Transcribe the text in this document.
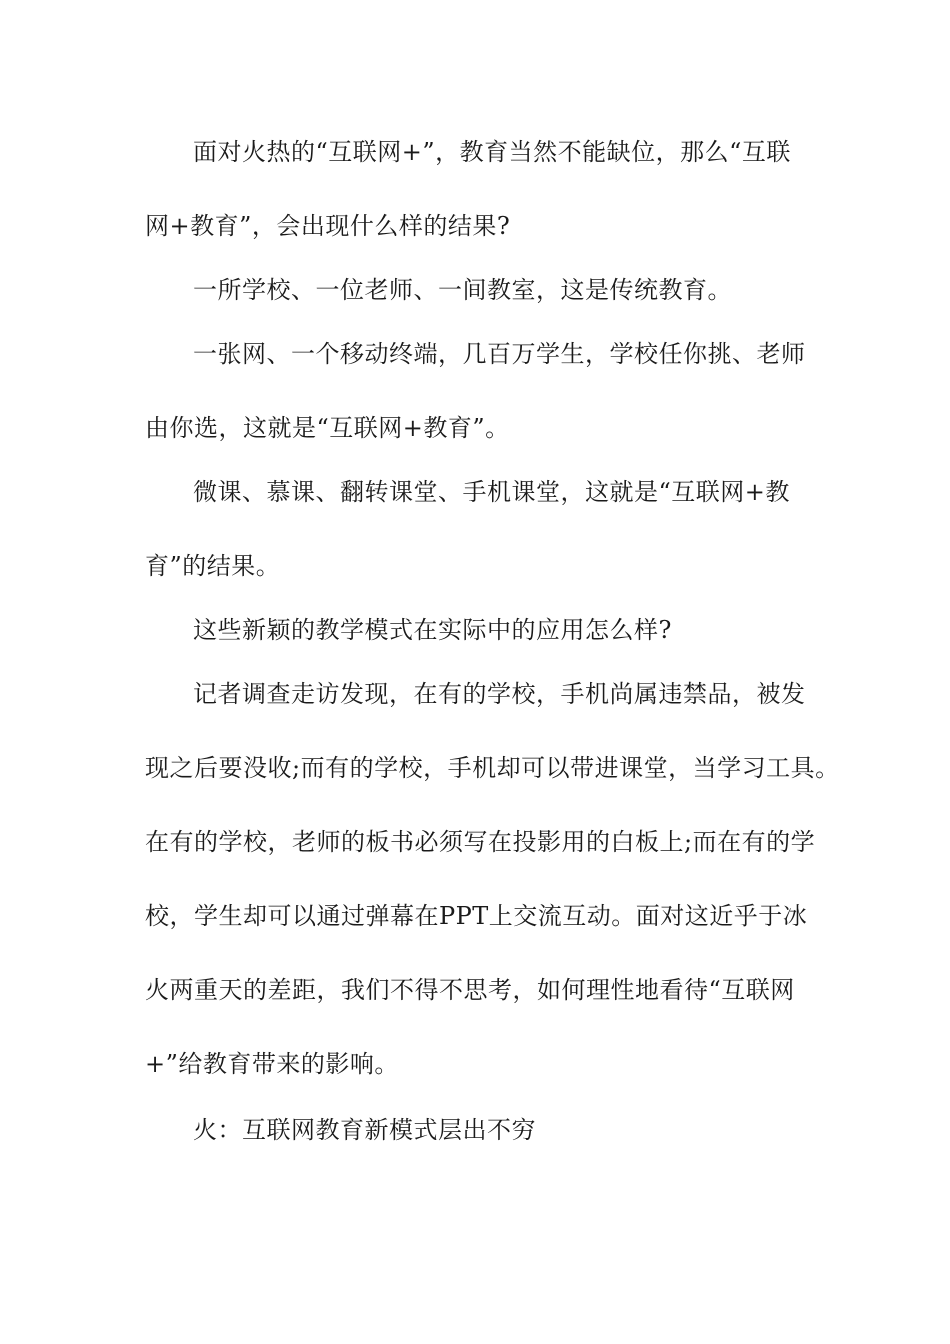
面对火热的“互联网+”，教育当然不能缺位，那么“互联
网+教育”，会出现什么样的结果?
一所学校、一位老师、一间教室，这是传统教育。
一张网、一个移动终端，几百万学生，学校任你挑、老师
由你选，这就是“互联网+教育”。
微课、慕课、翻转课堂、手机课堂，这就是“互联网+教
育”的结果。
这些新颖的教学模式在实际中的应用怎么样?
记者调查走访发现，在有的学校，手机尚属违禁品，被发
现之后要没收;而有的学校，手机却可以带进课堂，当学习工具。
在有的学校，老师的板书必须写在投影用的白板上;而在有的学
校，学生却可以通过弹幕在PPT上交流互动。面对这近乎于冰
火两重天的差距，我们不得不思考，如何理性地看待“互联网
+”给教育带来的影响。
火：互联网教育新模式层出不穷
